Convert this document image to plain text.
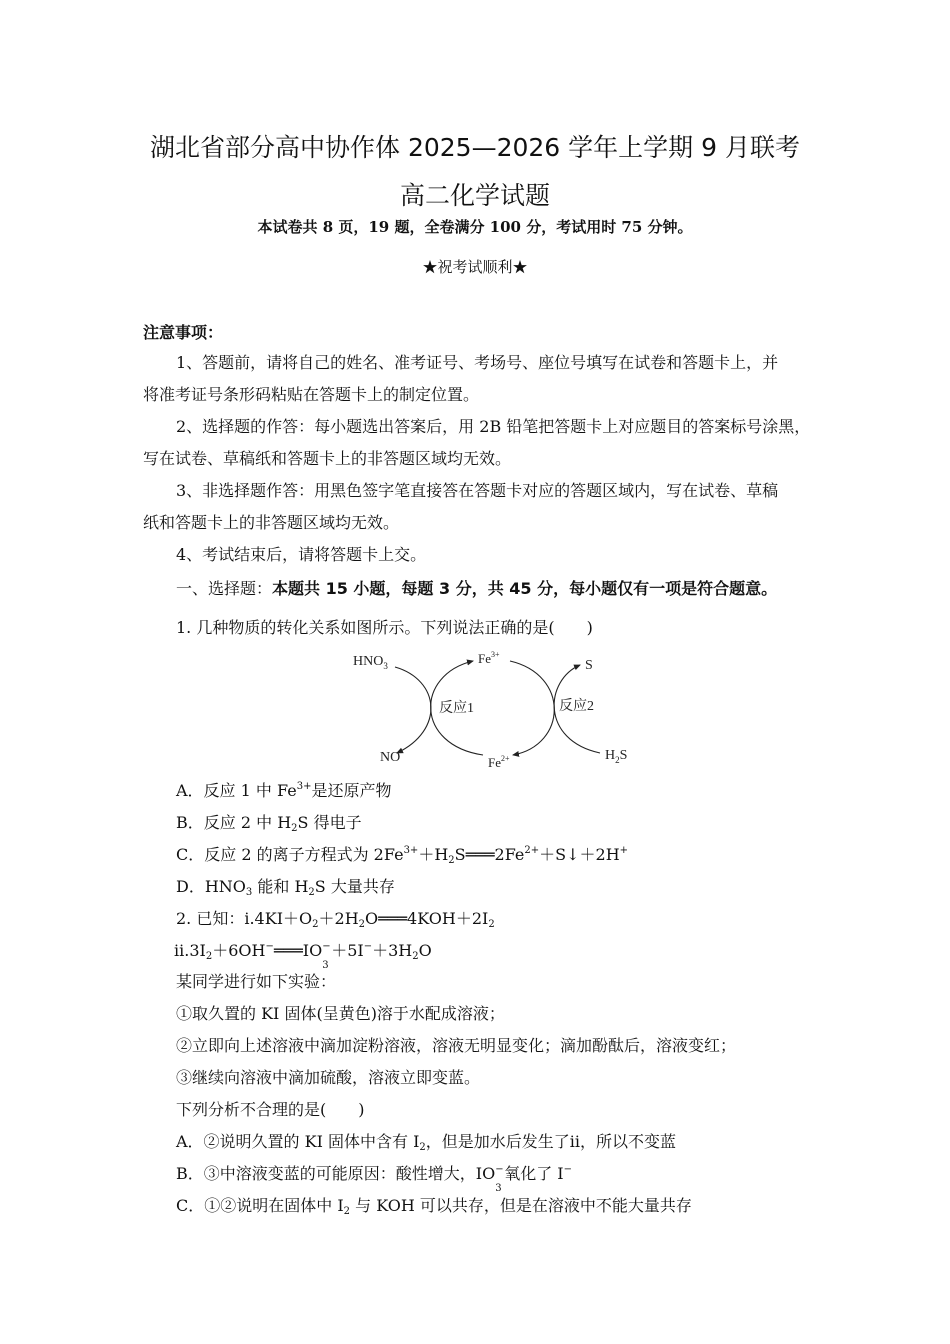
湖北省部分高中协作体 2025—2026 学年上学期 9 月联考
高二化学试题
本试卷共 8 页，19 题，全卷满分 100 分，考试用时 75 分钟。
★祝考试顺利★
注意事项：
1、答题前，请将自己的姓名、准考证号、考场号、座位号填写在试卷和答题卡上，并
将准考证号条形码粘贴在答题卡上的制定位置。
2、选择题的作答：每小题选出答案后，用 2B 铅笔把答题卡上对应题目的答案标号涂黑，
写在试卷、草稿纸和答题卡上的非答题区域均无效。
3、非选择题作答：用黑色签字笔直接答在答题卡对应的答题区域内，写在试卷、草稿
纸和答题卡上的非答题区域均无效。
4、考试结束后，请将答题卡上交。
一、选择题：本题共 15 小题，每题 3 分，共 45 分，每小题仅有一项是符合题意。
1. 几种物质的转化关系如图所示。下列说法正确的是(　　)
$HNO_3$
NO
$Fe^{3+}$
$Fe^{2+}$
S
$H_2S$
反应1	反应2
A．反应 1 中 $Fe^{3+}$是还原产物
B．反应 2 中 $H_2S$ 得电子
C．反应 2 的离子方程式为 $2Fe^{3+}+H_2S═══2Fe^{2+}+S↓+2H^+$
D．$HNO_3$ 能和 $H_2S$ 大量共存
2. 已知：$ⅰ.4KI+O_2+2H_2O═══4KOH+2I_2$
$ⅱ.3I_2+6OH^-═══IO$ −
3
$+5I^-+3H_2O$
某同学进行如下实验：
①取久置的 KI 固体(呈黄色)溶于水配成溶液；
②立即向上述溶液中滴加淀粉溶液，溶液无明显变化；滴加酚酞后，溶液变红；
③继续向溶液中滴加硫酸，溶液立即变蓝。
下列分析不合理的是(　　)
A．②说明久置的 KI 固体中含有 $I_2$，但是加水后发生了ⅱ，所以不变蓝
B．③中溶液变蓝的可能原因：酸性增大，IO −
3
氧化了 I−
C．①②说明在固体中 $I_2$ 与 KOH 可以共存，但是在溶液中不能大量共存
